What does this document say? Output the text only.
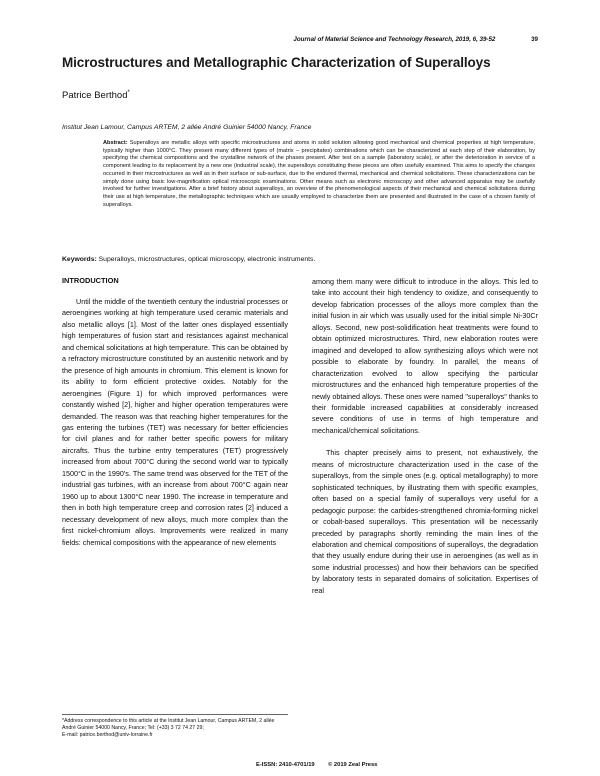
Journal of Material Science and Technology Research, 2019, 6, 39-52	39
Microstructures and Metallographic Characterization of Superalloys
Patrice Berthod*
Institut Jean Lamour, Campus ARTEM, 2 allée André Guinier 54000 Nancy, France
Abstract: Superalloys are metallic alloys with specific microstructures and atoms in solid solution allowing good mechanical and chemical properties at high temperature, typically higher than 1000°C. They present many different types of (matrix – precipitates) combinations which can be characterized at each step of their elaboration, by specifying the chemical compositions and the crystalline network of the phases present. After test on a sample (laboratory scale), or after the deterioration in service of a component leading to its replacement by a new one (industrial scale), the superalloys constituting these pieces are often usefully examined. This aims to specify the changes occurred in their microstructures as well as in their surface or sub-surface, due to the endured thermal, mechanical and chemical solicitations. These characterizations can be simply done using basic low-magnification optical microscopic examinations. Other means such as electronic microscopy and other advanced apparatus may be usefully involved for further investigations. After a brief history about superalloys, an overview of the phenomenological aspects of their mechanical and chemical solicitations during their use at high temperature, the metallographic techniques which are usually employed to characterize them are presented and illustrated in the case of a chosen family of superalloys.
Keywords: Superalloys, microstructures, optical microscopy, electronic instruments.
INTRODUCTION

Until the middle of the twentieth century the industrial processes or aeroengines working at high temperature used ceramic materials and also metallic alloys [1]. Most of the latter ones displayed essentially high temperatures of fusion start and resistances against mechanical and chemical solicitations at high temperature. This can be obtained by a refractory microstructure constituted by an austenitic network and by the presence of high amounts in chromium. This element is known for its ability to form efficient protective oxides. Notably for the aeroengines (Figure 1) for which improved performances were constantly wished [2], higher and higher operation temperatures were demanded. The reason was that reaching higher temperatures for the gas entering the turbines (TET) was necessary for better efficiencies for civil planes and for rather better specific powers for military aircrafts. Thus the turbine entry temperatures (TET) progressively increased from about 700°C during the second world war to typically 1500°C in the 1990's. The same trend was observed for the TET of the industrial gas turbines, with an increase from about 700°C again near 1960 up to about 1300°C near 1990. The increase in temperature and then in both high temperature creep and corrosion rates [2] induced a necessary development of new alloys, much more complex than the first nickel-chromium alloys. Improvements were realized in many fields: chemical compositions with the appearance of new elements

among them many were difficult to introduce in the alloys. This led to take into account their high tendency to oxidize, and consequently to develop fabrication processes of the alloys more complex than the initial fusion in air which was usually used for the initial simple Ni-30Cr alloys. Second, new post-solidification heat treatments were found to obtain optimized microstructures. Third, new elaboration routes were imagined and developed to allow synthesizing alloys which were not possible to elaborate by foundry. In parallel, the means of characterization evolved to allow specifying the particular microstructures and the enhanced high temperature properties of the newly obtained alloys. These ones were named "superalloys" thanks to their formidable increased capabilities at considerably increased severe conditions of use in terms of high temperature and mechanical/chemical solicitations.

This chapter precisely aims to present, not exhaustively, the means of microstructure characterization used in the case of the superalloys, from the simple ones (e.g. optical metallography) to more sophisticated techniques, by illustrating them with specific examples, often based on a special family of superalloys very useful for a pedagogic purpose: the carbides-strengthened chromia-forming nickel or cobalt-based superalloys. This presentation will be necessarily preceded by paragraphs shortly reminding the main lines of the elaboration and chemical compositions of superalloys, the degradation that they usually endure during their use in aeroengines (as well as in some industrial processes) and how their behaviors can be specified by laboratory tests in separated domains of solicitation. Expertises of real

*Address correspondence to this article at the Institut Jean Lamour, Campus ARTEM, 2 allée André Guinier 54000 Nancy, France; Tel: (+33) 3 72 74 27 29;
E-mail: patrice.berthod@univ-lorraine.fr
E-ISSN: 2410-4701/19 © 2019 Zeal Press
